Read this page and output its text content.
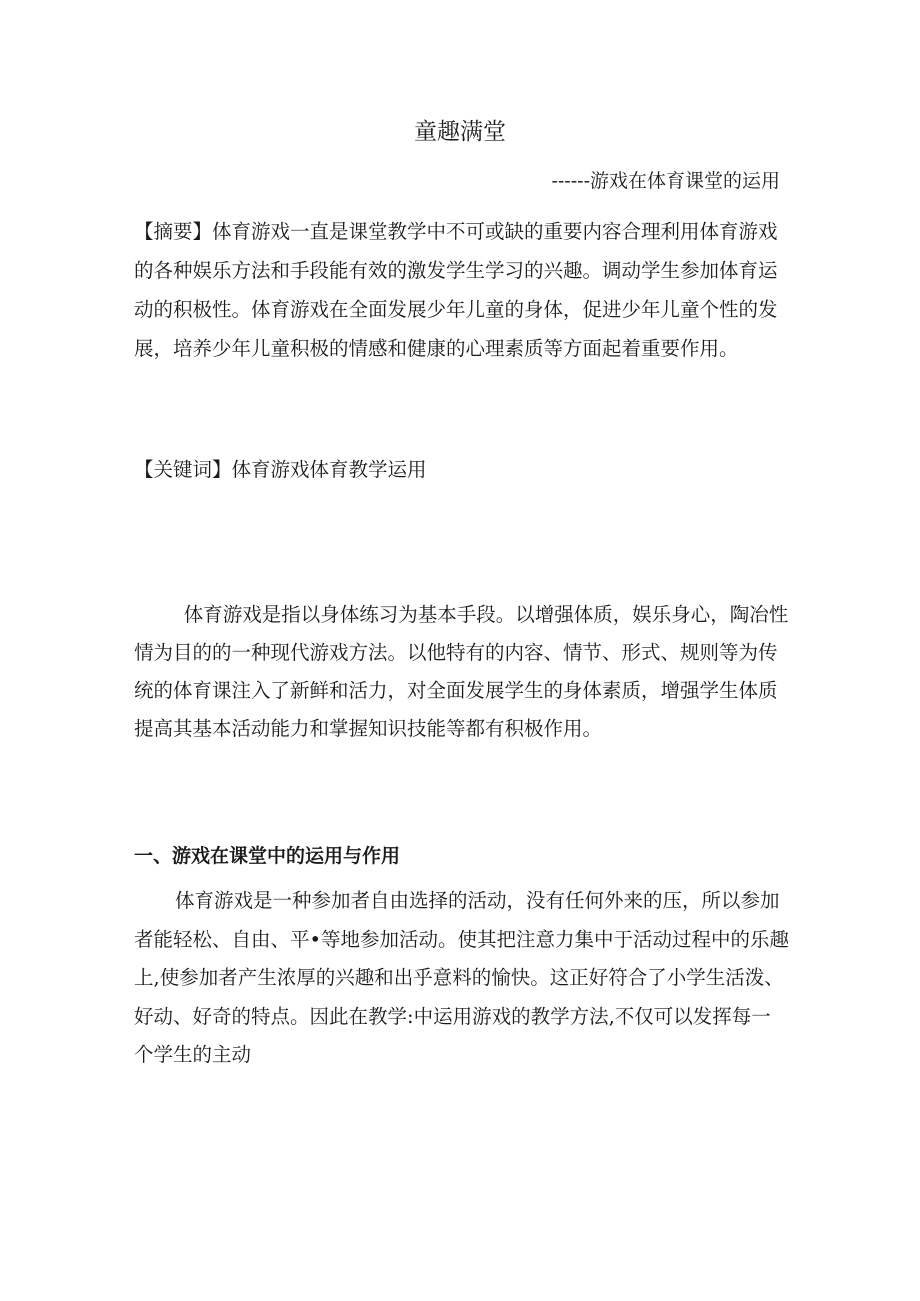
童趣满堂
------游戏在体育课堂的运用

【摘要】体育游戏一直是课堂教学中不可或缺的重要内容合理利用体育游戏的各种娱乐方法和手段能有效的激发学生学习的兴趣。调动学生参加体育运动的积极性。体育游戏在全面发展少年儿童的身体，促进少年儿童个性的发展，培养少年儿童积极的情感和健康的心理素质等方面起着重要作用。

【关键词】体育游戏体育教学运用

体育游戏是指以身体练习为基本手段。以增强体质，娱乐身心，陶冶性情为目的的一种现代游戏方法。以他特有的内容、情节、形式、规则等为传统的体育课注入了新鲜和活力，对全面发展学生的身体素质，增强学生体质提高其基本活动能力和掌握知识技能等都有积极作用。

一、游戏在课堂中的运用与作用

体育游戏是一种参加者自由选择的活动，没有任何外来的压，所以参加者能轻松、自由、平•等地参加活动。使其把注意力集中于活动过程中的乐趣上,使参加者产生浓厚的兴趣和出乎意料的愉快。这正好符合了小学生活泼、好动、好奇的特点。因此在教学:中运用游戏的教学方法,不仅可以发挥每一个学生的主动
